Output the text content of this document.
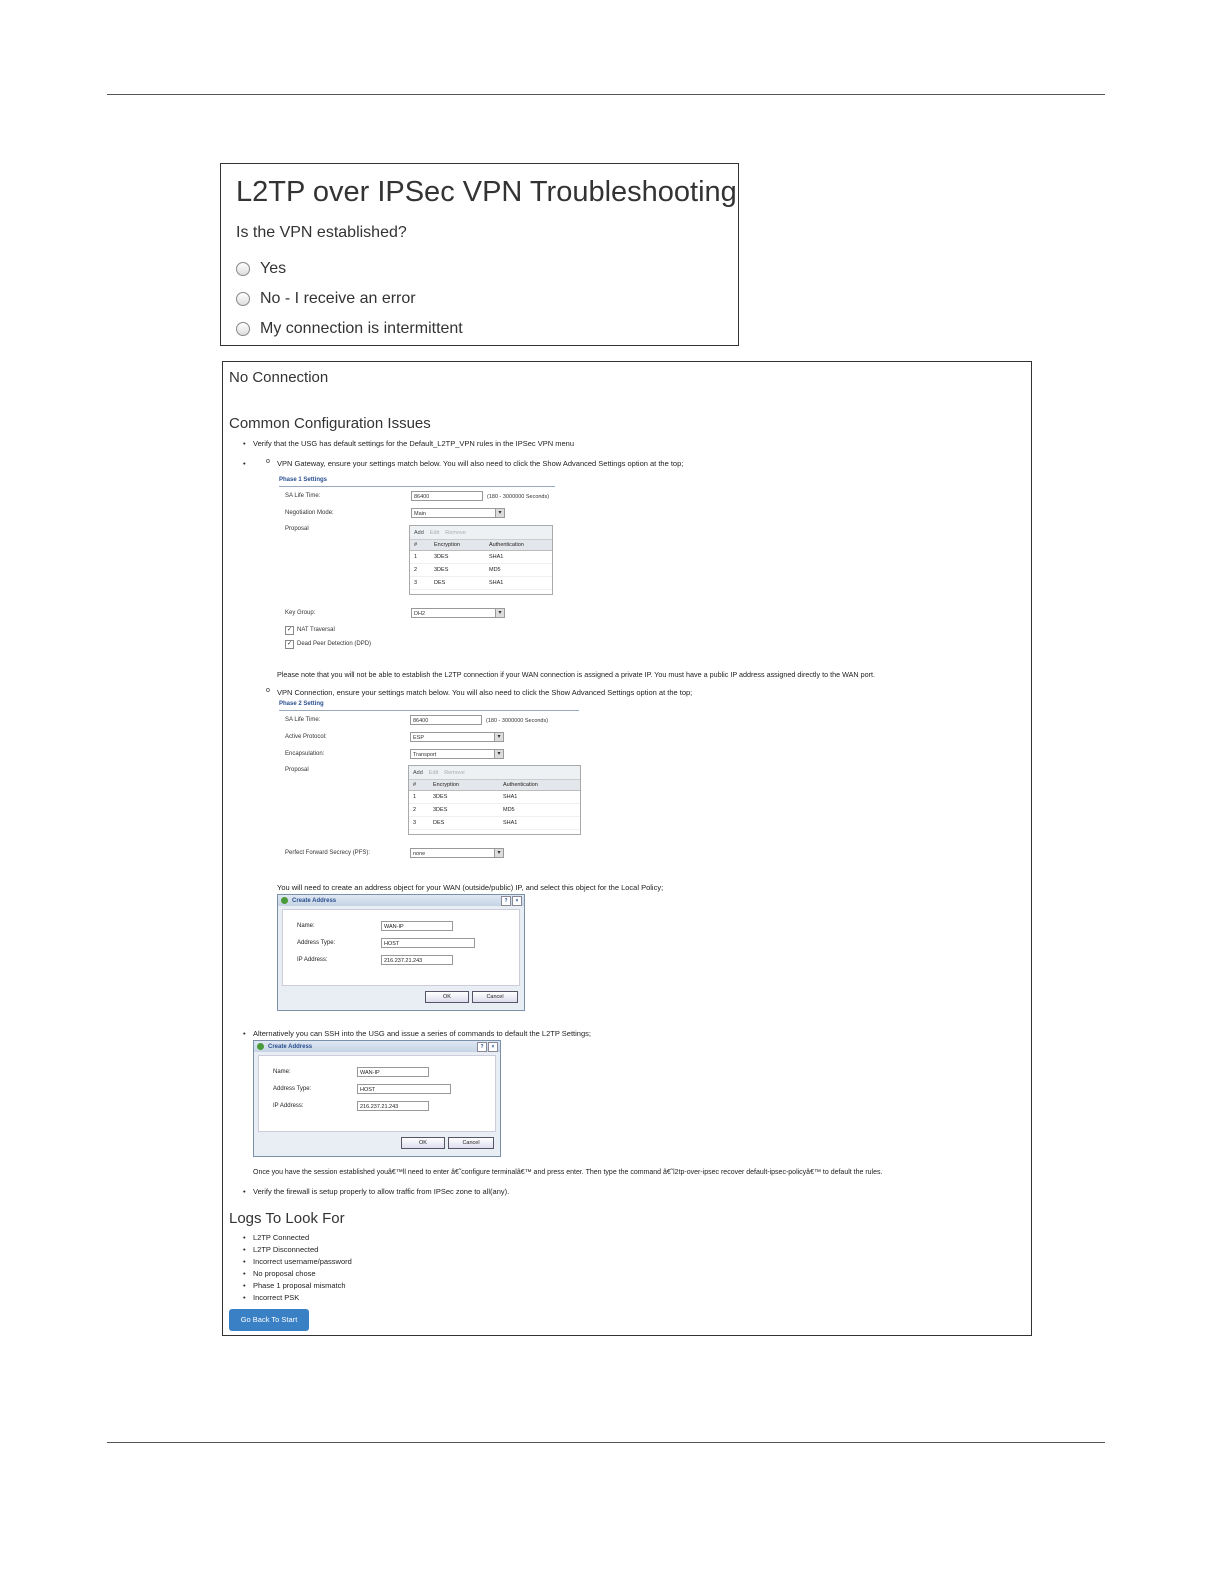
L2TP over IPSec VPN Troubleshooting
Is the VPN established?
Yes
No - I receive an error
My connection is intermittent
No Connection
Common Configuration Issues
• Verify that the USG has default settings for the Default_L2TP_VPN rules in the IPSec VPN menu
o VPN Gateway, ensure your settings match below. You will also need to click the Show Advanced Settings option at the top;
Phase 1 Settings
SA Life Time:	86400	(180 - 3000000 Seconds)
Negotiation Mode:	Main ▾
Proposal
Add Edit Remove
#	Encryption	Authentication
1	3DES	SHA1
2	3DES	MD5
3	DES	SHA1
Key Group:	DH2 ▾
✓ NAT Traversal
✓ Dead Peer Detection (DPD)
Please note that you will not be able to establish the L2TP connection if your WAN connection is assigned a private IP. You must have a public IP address assigned directly to the WAN port.
o VPN Connection, ensure your settings match below. You will also need to click the Show Advanced Settings option at the top;
Phase 2 Setting
SA Life Time:	86400	(180 - 3000000 Seconds)
Active Protocol:	ESP ▾
Encapsulation:	Transport ▾
Proposal	Add Edit Remove
#	Encryption	Authentication
1	3DES	SHA1
2	3DES	MD5
3	DES	SHA1
Perfect Forward Secrecy (PFS):	none ▾
You will need to create an address object for your WAN (outside/public) IP, and select this object for the Local Policy;
Create Address	?	×
Name:	WAN-IP
Address Type:	HOST
IP Address:	216.237.21.243
OK	Cancel
• Alternatively you can SSH into the USG and issue a series of commands to default the L2TP Settings;
Create Address	?	×
Name:	WAN-IP
Address Type:	HOST
IP Address:	216.237.21.243
OK	Cancel
Once you have the session established youâ€™ll need to enter â€˜configure terminalâ€™ and press enter. Then type the command â€˜l2tp-over-ipsec recover default-ipsec-policyâ€™ to default the rules.
• Verify the firewall is setup properly to allow traffic from IPSec zone to all(any).
Logs To Look For
• L2TP Connected
• L2TP Disconnected
• Incorrect username/password
• No proposal chose
• Phase 1 proposal mismatch
• Incorrect PSK
Go Back To Start
